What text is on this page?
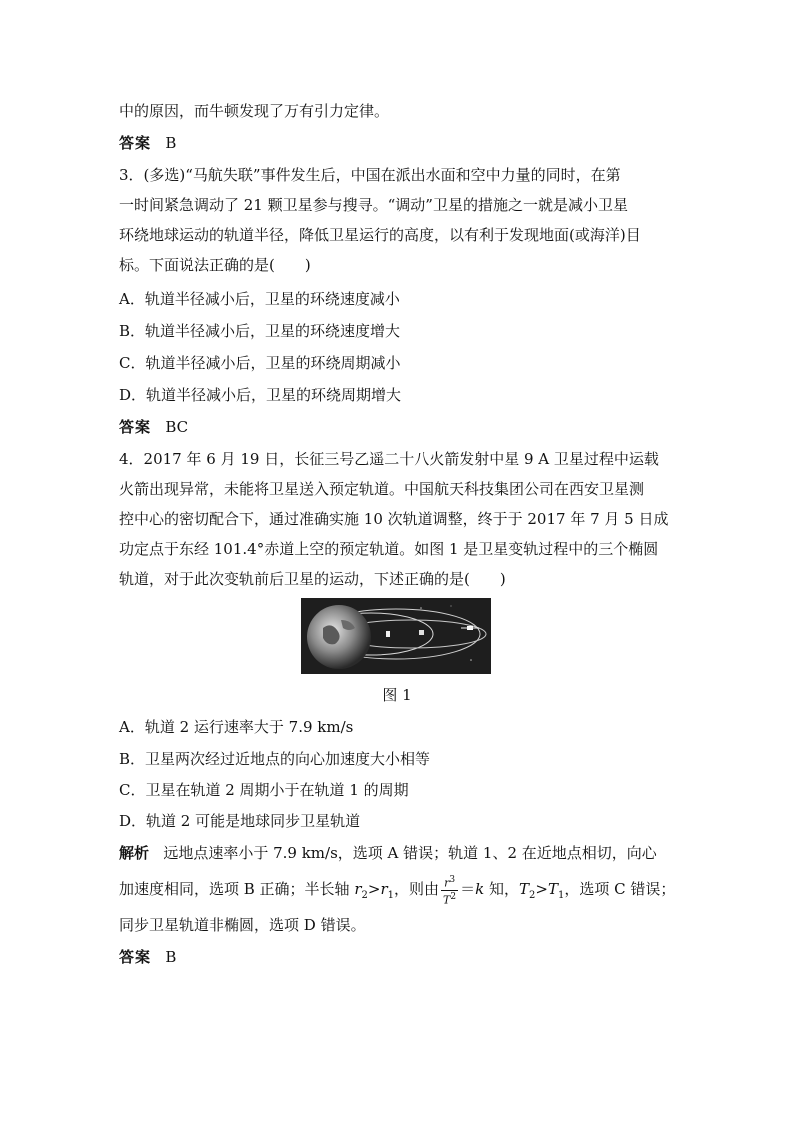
中的原因，而牛顿发现了万有引力定律。
答案 B
3．(多选)“马航失联”事件发生后，中国在派出水面和空中力量的同时，在第
一时间紧急调动了 21 颗卫星参与搜寻。“调动”卫星的措施之一就是减小卫星
环绕地球运动的轨道半径，降低卫星运行的高度，以有利于发现地面(或海洋)目
标。下面说法正确的是(　　)
A．轨道半径减小后，卫星的环绕速度减小
B．轨道半径减小后，卫星的环绕速度增大
C．轨道半径减小后，卫星的环绕周期减小
D．轨道半径减小后，卫星的环绕周期增大
答案 BC
4．2017 年 6 月 19 日，长征三号乙遥二十八火箭发射中星 9 A 卫星过程中运载
火箭出现异常，未能将卫星送入预定轨道。中国航天科技集团公司在西安卫星测
控中心的密切配合下，通过准确实施 10 次轨道调整，终于于 2017 年 7 月 5 日成
功定点于东经 101.4°赤道上空的预定轨道。如图 1 是卫星变轨过程中的三个椭圆
轨道，对于此次变轨前后卫星的运动，下述正确的是(　　)
图 1
A．轨道 2 运行速率大于 7.9 km/s
B．卫星两次经过近地点的向心加速度大小相等
C．卫星在轨道 2 周期小于在轨道 1 的周期
D．轨道 2 可能是地球同步卫星轨道
解析 远地点速率小于 7.9 km/s，选项 A 错误；轨道 1、2 在近地点相切，向心
加速度相同，选项 B 正确；半长轴 $r_2>r_1$，则由 $\frac{r^3}{T^2} =k$ 知，$T_2>T_1$，选项 C 错误；
同步卫星轨道非椭圆，选项 D 错误。
答案 B
